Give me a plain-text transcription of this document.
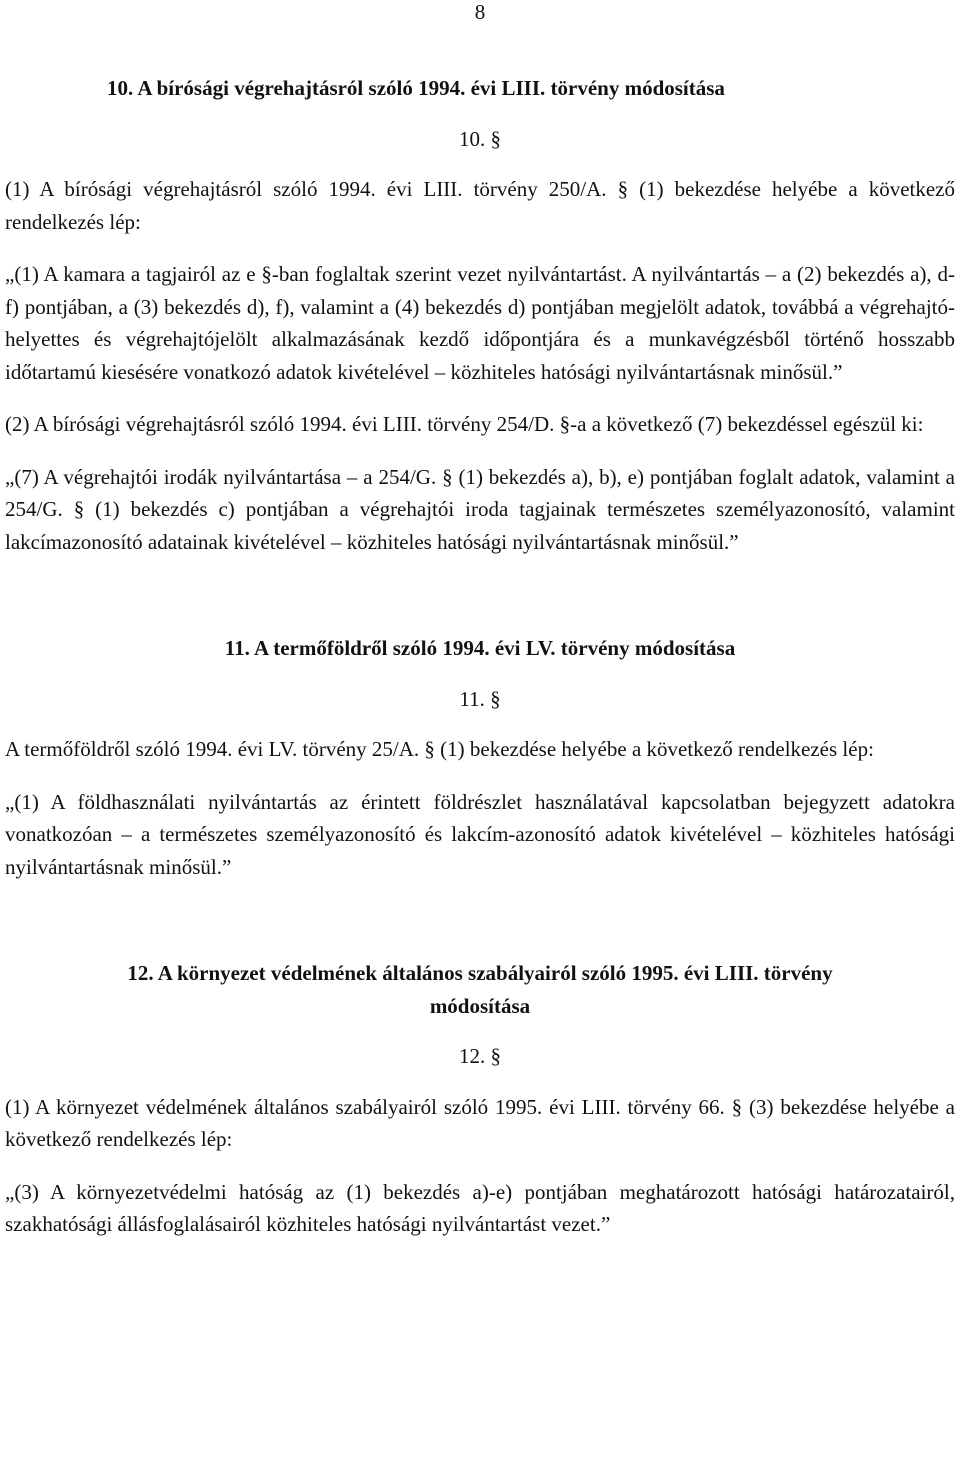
8

10. A bírósági végrehajtásról szóló 1994. évi LIII. törvény módosítása

10. §

(1) A bírósági végrehajtásról szóló 1994. évi LIII. törvény 250/A. § (1) bekezdése helyébe a következő rendelkezés lép:

„(1) A kamara a tagjairól az e §-ban foglaltak szerint vezet nyilvántartást. A nyilvántartás – a (2) bekezdés a), d-f) pontjában, a (3) bekezdés d), f), valamint a (4) bekezdés d) pontjában megjelölt adatok, továbbá a végrehajtó-helyettes és végrehajtójelölt alkalmazásának kezdő időpontjára és a munkavégzésből történő hosszabb időtartamú kiesésére vonatkozó adatok kivételével – közhiteles hatósági nyilvántartásnak minősül.”

(2) A bírósági végrehajtásról szóló 1994. évi LIII. törvény 254/D. §-a a következő (7) bekezdéssel egészül ki:

„(7) A végrehajtói irodák nyilvántartása – a 254/G. § (1) bekezdés a), b), e) pontjában foglalt adatok, valamint a 254/G. § (1) bekezdés c) pontjában a végrehajtói iroda tagjainak természetes személyazonosító, valamint lakcímazonosító adatainak kivételével – közhiteles hatósági nyilvántartásnak minősül.”

11. A termőföldről szóló 1994. évi LV. törvény módosítása

11. §

A termőföldről szóló 1994. évi LV. törvény 25/A. § (1) bekezdése helyébe a következő rendelkezés lép:

„(1) A földhasználati nyilvántartás az érintett földrészlet használatával kapcsolatban bejegyzett adatokra vonatkozóan – a természetes személyazonosító és lakcím-azonosító adatok kivételével – közhiteles hatósági nyilvántartásnak minősül.”

12. A környezet védelmének általános szabályairól szóló 1995. évi LIII. törvény módosítása

12. §

(1) A környezet védelmének általános szabályairól szóló 1995. évi LIII. törvény 66. § (3) bekezdése helyébe a következő rendelkezés lép:

„(3) A környezetvédelmi hatóság az (1) bekezdés a)-e) pontjában meghatározott hatósági határozatairól, szakhatósági állásfoglalásairól közhiteles hatósági nyilvántartást vezet.”
